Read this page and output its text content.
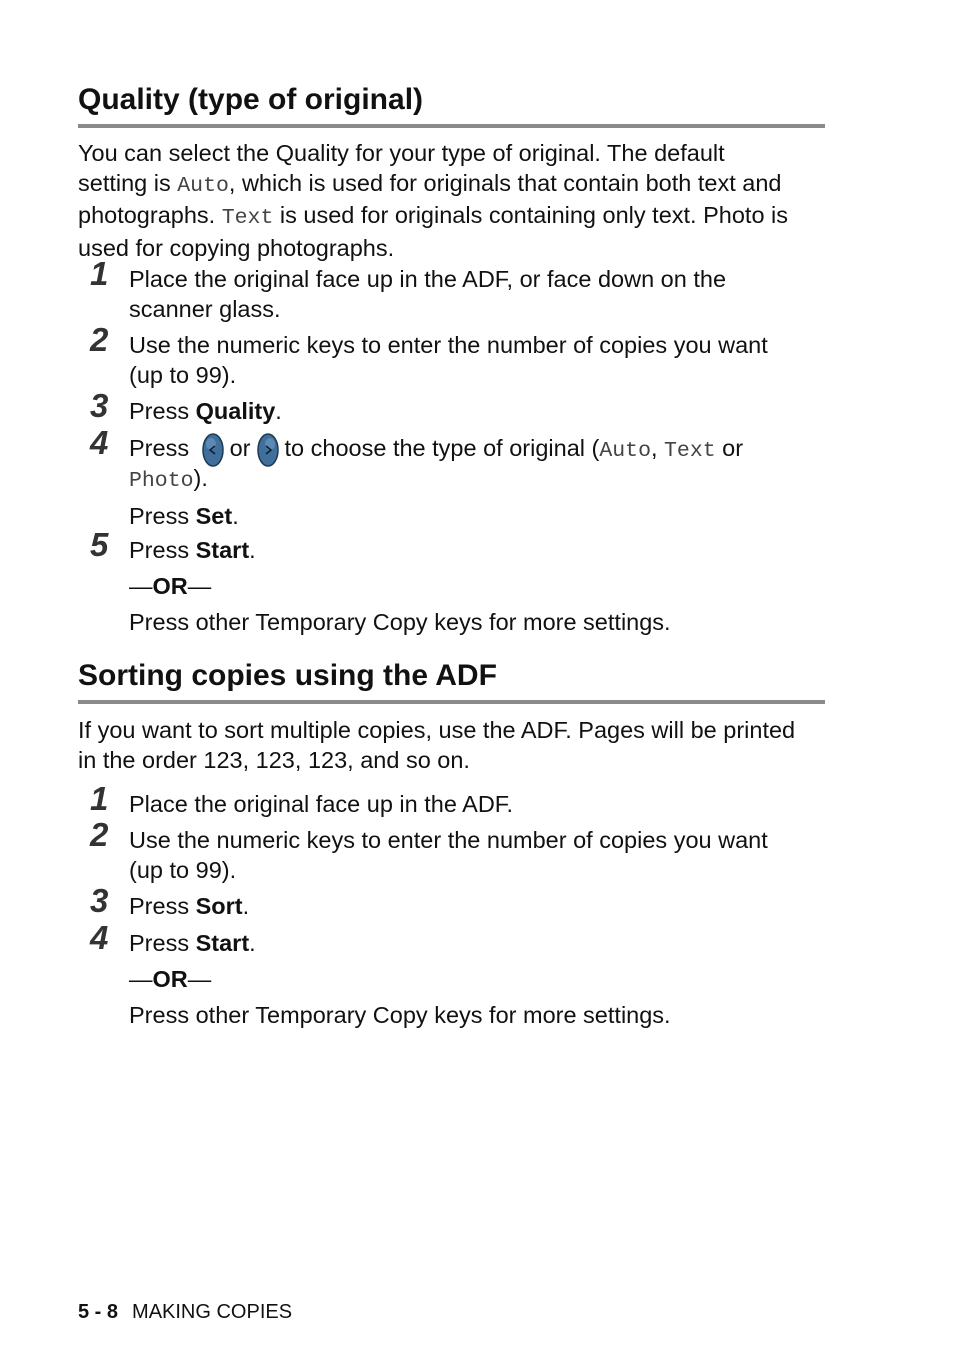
Quality (type of original)
You can select the Quality for your type of original. The default
setting is Auto, which is used for originals that contain both text and
photographs. Text is used for originals containing only text. Photo is
used for copying photographs.
1 Place the original face up in the ADF, or face down on the
scanner glass.
2 Use the numeric keys to enter the number of copies you want
(up to 99).
3 Press Quality.
4 Press or to choose the type of original (Auto, Text or
Photo).
Press Set.
5 Press Start.
—OR—
Press other Temporary Copy keys for more settings.
Sorting copies using the ADF
If you want to sort multiple copies, use the ADF. Pages will be printed
in the order 123, 123, 123, and so on.
1 Place the original face up in the ADF.
2 Use the numeric keys to enter the number of copies you want
(up to 99).
3 Press Sort.
4 Press Start.
—OR—
Press other Temporary Copy keys for more settings.
5 - 8 MAKING COPIES
